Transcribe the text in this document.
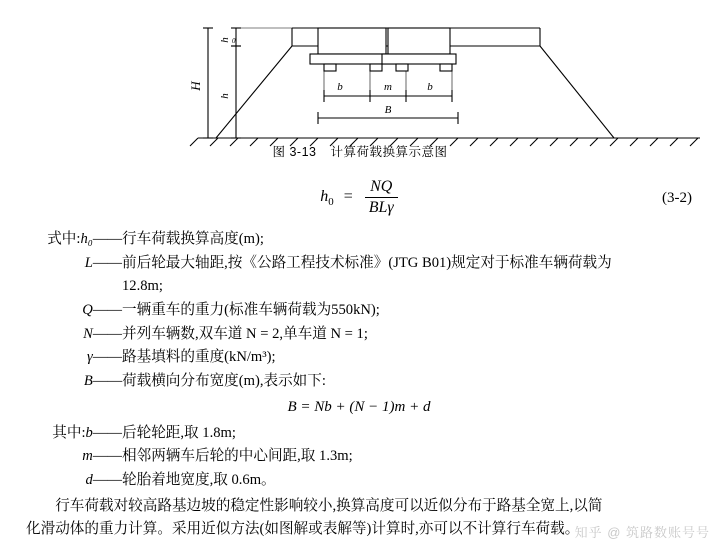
b	m	b
B
h 0
h
H
图 3-13 计算荷载换算示意图
$h_0 = \frac{NQ}{\text{BLγ}}$	(3-2)
式中:h₀—— 行车荷载换算高度(m);
L—— 前后轮最大轴距,按《公路工程技术标准》(JTG B01)规定对于标准车辆荷载为
12.8m;
Q—— 一辆重车的重力(标准车辆荷载为550kN);
N—— 并列车辆数,双车道 N = 2,单车道 N = 1;
γ—— 路基填料的重度(kN/m³);
B—— 荷载横向分布宽度(m),表示如下:
B = Nb + (N − 1)m + d
其中:b—— 后轮轮距,取 1.8m;
m—— 相邻两辆车后轮的中心间距,取 1.3m;
d—— 轮胎着地宽度,取 0.6m。
行车荷载对较高路基边坡的稳定性影响较小,换算高度可以近似分布于路基全宽上,以简
化滑动体的重力计算。采用近似方法(如图解或表解等)计算时,亦可以不计算行车荷载。
知乎 @ 筑路数账号号
